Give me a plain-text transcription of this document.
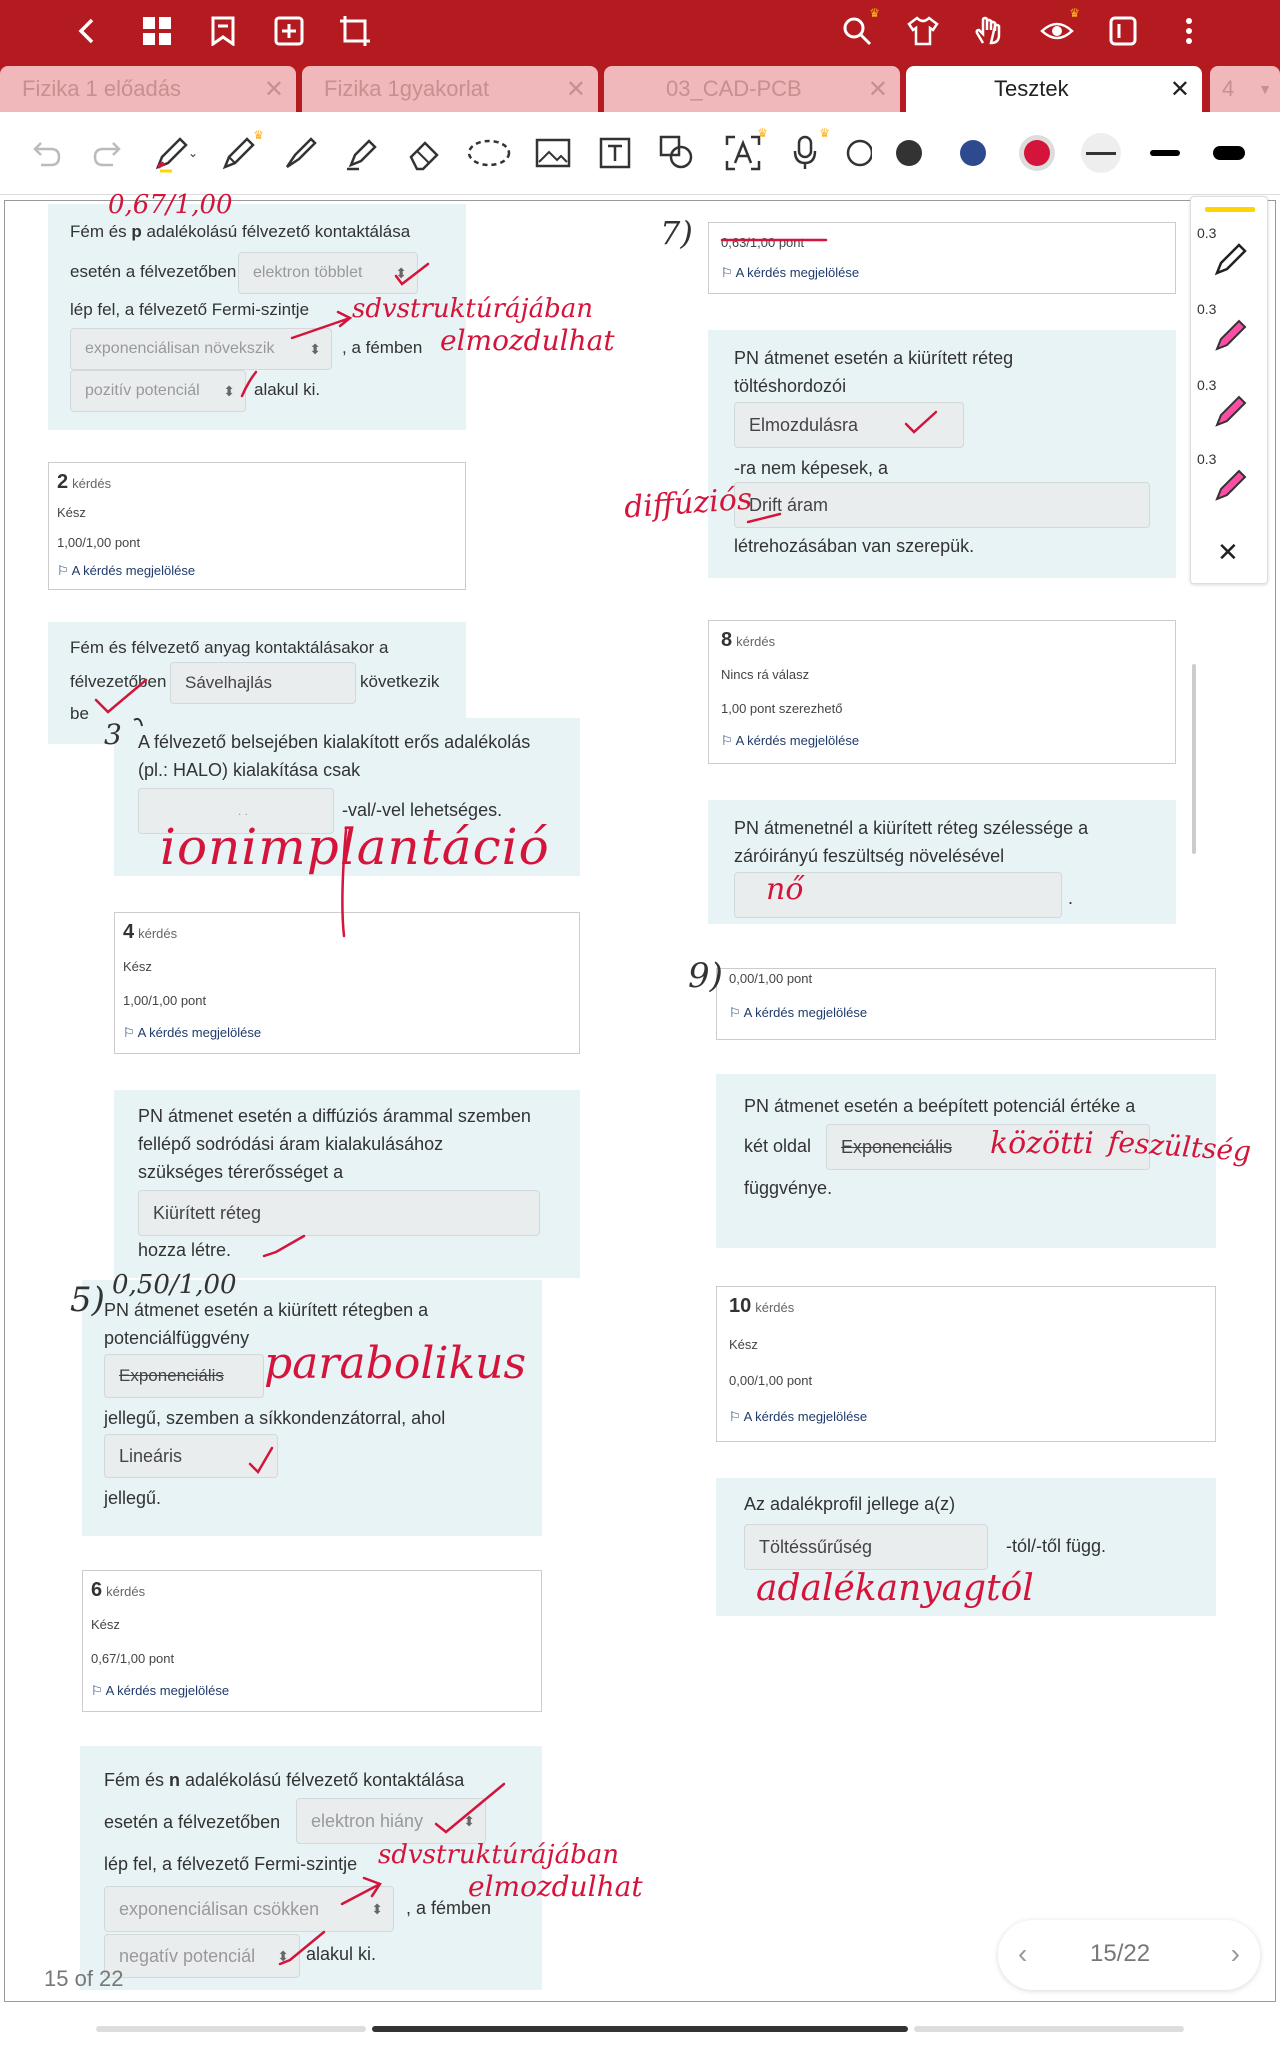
♛	♛
Fizika 1 előadás	✕ Fizika 1gyakorlat	✕	03_CAD-PCB	✕	Tesztek	✕ 4 ▼
⌄
♛	♛	♛
Fém és p adalékolású félvezető kontaktálása
esetén a félvezetőben elektron többlet ⬍
lép fel, a félvezető Fermi-szintje
exponenciálisan növekszik ⬍ , a fémben
pozitív potenciál ⬍ alakul ki.
2 kérdés
Kész
1,00/1,00 pont
⚐ A kérdés megjelölése
Fém és félvezető anyag kontaktálásakor a
félvezetőben	Sávelhajlás	következik
be
A félvezető belsejében kialakított erős adalékolás
(pl.: HALO) kialakítása csak
. .	-val/-vel lehetséges.
4 kérdés
Kész
1,00/1,00 pont
⚐ A kérdés megjelölése
PN átmenet esetén a diffúziós árammal szemben
fellépő sodródási áram kialakulásához
szükséges térerősséget a
Kiürített réteg
hozza létre.
PN átmenet esetén a kiürített rétegben a
potenciálfüggvény
Exponenciális
jellegű, szemben a síkkondenzátorral, ahol
Lineáris
jellegű.
6 kérdés
Kész
0,67/1,00 pont
⚐ A kérdés megjelölése
Fém és n adalékolású félvezető kontaktálása
esetén a félvezetőben elektron hiány	⬍
lép fel, a félvezető Fermi-szintje
exponenciálisan csökken	⬍ , a fémben
negatív potenciál ⬍ alakul ki.
0,63/1,00 pont
⚐ A kérdés megjelölése
PN átmenet esetén a kiürített réteg
töltéshordozói
Elmozdulásra
-ra nem képesek, a
Drift áram
létrehozásában van szerepük.
8 kérdés
Nincs rá válasz
1,00 pont szerezhető
⚐ A kérdés megjelölése
PN átmenetnél a kiürített réteg szélessége a
záróirányú feszültség növelésével
.
0,00/1,00 pont
⚐ A kérdés megjelölése
PN átmenet esetén a beépített potenciál értéke a
két oldal	Exponenciális
függvénye.
10 kérdés
Kész
0,00/1,00 pont
⚐ A kérdés megjelölése
Az adalékprofil jellege a(z)
Töltéssűrűség	-tól/-től függ.
0,67/1,00
sdvstruktúrájában
elmozdulhat
diffúziós
3
ionimplantáció
0,50/1,00
5)
parabolikus
7)
nő
9)
közötti feszültség
adalékanyagtól
sdvstruktúrájában
elmozdulhat
0.3
0.3
0.3
0.3
✕
15 of 22
‹	15/22	›
